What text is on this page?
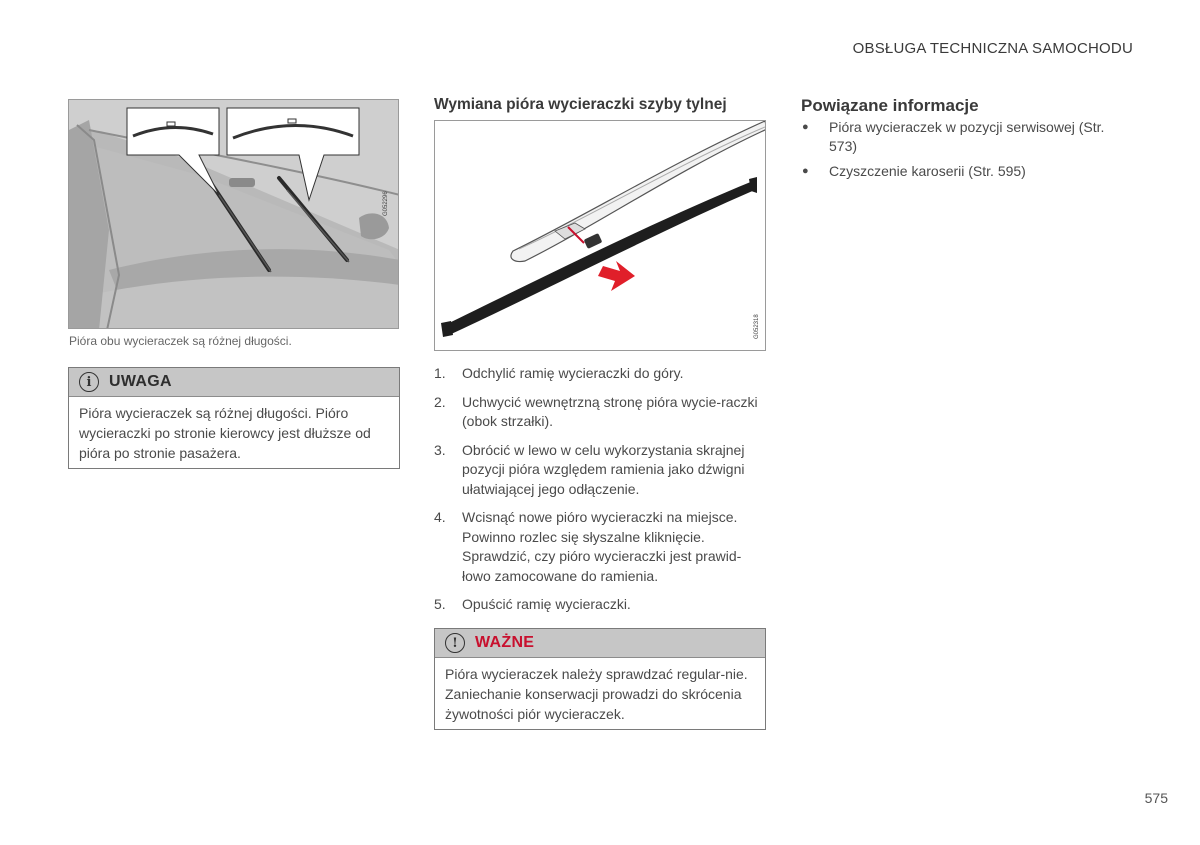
OBSŁUGA TECHNICZNA SAMOCHODU
G052296
Pióra obu wycieraczek są różnej długości.
i	UWAGA
Pióra wycieraczek są różnej długości. Pióro wycieraczki po stronie kierowcy jest dłuższe od pióra po stronie pasażera.
Wymiana pióra wycieraczki szyby tylnej
G052318
1.	Odchylić ramię wycieraczki do góry.
2.	Uchwycić wewnętrzną stronę pióra wycie-raczki (obok strzałki).
3.	Obrócić w lewo w celu wykorzystania skrajnej pozycji pióra względem ramienia jako dźwigni ułatwiającej jego odłączenie.
4.	Wcisnąć nowe pióro wycieraczki na miejsce. Powinno rozlec się słyszalne kliknięcie. Sprawdzić, czy pióro wycieraczki jest prawid-łowo zamocowane do ramienia.
5.	Opuścić ramię wycieraczki.
!	WAŻNE
Pióra wycieraczek należy sprawdzać regular-nie. Zaniechanie konserwacji prowadzi do skrócenia żywotności piór wycieraczek.
Powiązane informacje
●	Pióra wycieraczek w pozycji serwisowej (Str. 573)
●	Czyszczenie karoserii (Str. 595)
575
